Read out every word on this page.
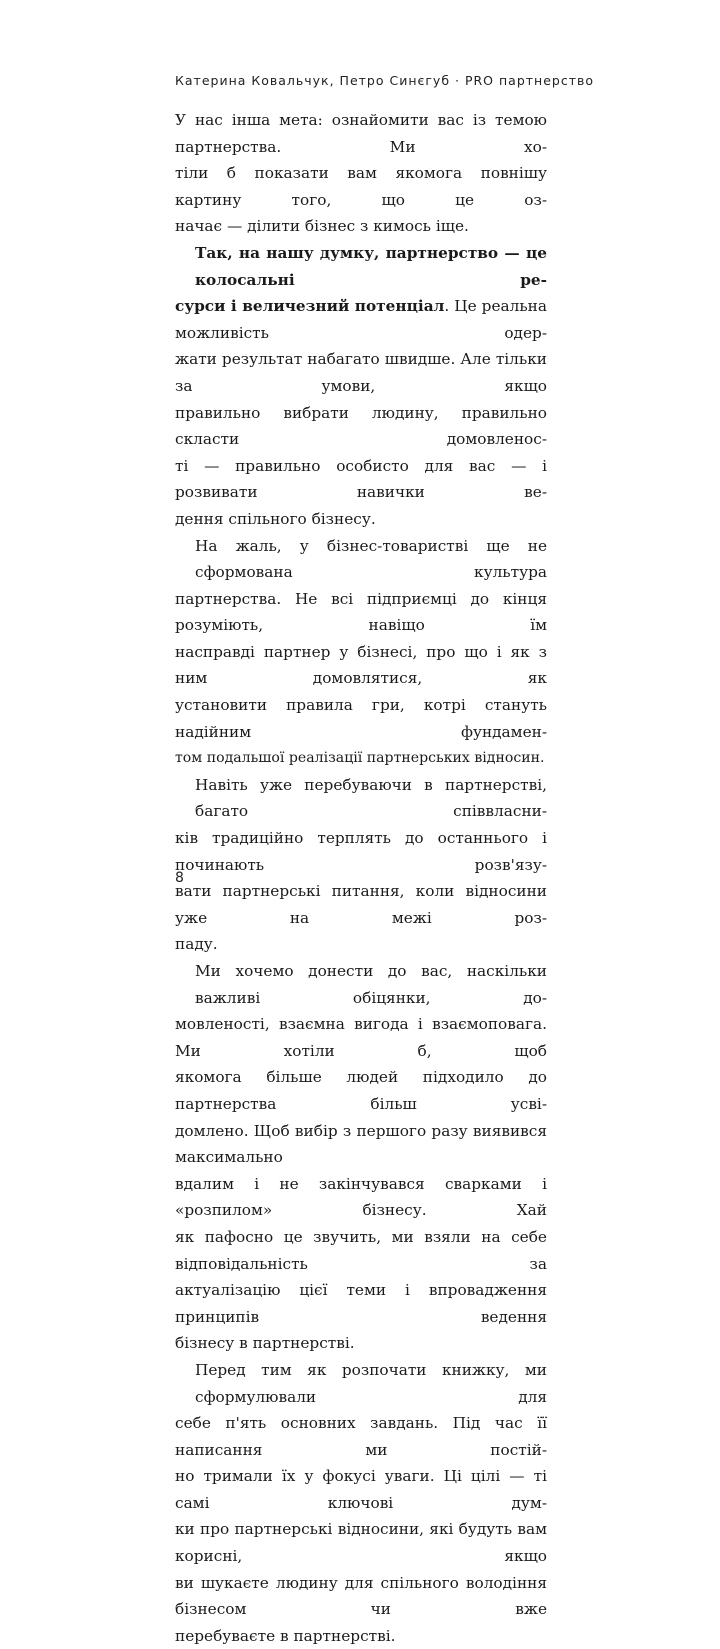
Катерина Ковальчук, Петро Синєгуб · PRO партнерство
У нас інша мета: ознайомити вас із темою партнерства. Ми хо-
тіли б показати вам якомога повнішу картину того, що це оз-
начає — ділити бізнес з кимось іще.
Так, на нашу думку, партнерство — це колосальні ре-
сурси і величезний потенціал. Це реальна можливість одер-
жати результат набагато швидше. Але тільки за умови, якщо
правильно вибрати людину, правильно скласти домовленос-
ті — правильно особисто для вас — і розвивати навички ве-
дення спільного бізнесу.
На жаль, у бізнес-товаристві ще не сформована культура
партнерства. Не всі підприємці до кінця розуміють, навіщо їм
насправді партнер у бізнесі, про що і як з ним домовлятися, як
установити правила гри, котрі стануть надійним фундамен-
том подальшої реалізації партнерських відносин.
Навіть уже перебуваючи в партнерстві, багато співвласни-
ків традиційно терплять до останнього і починають розв'язу-
вати партнерські питання, коли відносини уже на межі роз-
паду.
Ми хочемо донести до вас, наскільки важливі обіцянки, до-
мовленості, взаємна вигода і взаємоповага. Ми хотіли б, щоб
якомога більше людей підходило до партнерства більш усві-
домлено. Щоб вибір з першого разу виявився максимально
вдалим і не закінчувався сварками і «розпилом» бізнесу. Хай
як пафосно це звучить, ми взяли на себе відповідальність за
актуалізацію цієї теми і впровадження принципів ведення
бізнесу в партнерстві.
Перед тим як розпочати книжку, ми сформулювали для
себе п'ять основних завдань. Під час її написання ми постій-
но тримали їх у фокусі уваги. Ці цілі — ті самі ключові дум-
ки про партнерські відносини, які будуть вам корисні, якщо
ви шукаєте людину для спільного володіння бізнесом чи вже
перебуваєте в партнерстві.
8
